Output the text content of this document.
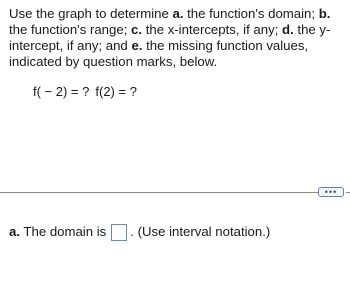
Use the graph to determine a. the function's domain; b. the function's range; c. the x-intercepts, if any; d. the y-intercept, if any; and e. the missing function values, indicated by question marks, below.

f( − 2) = ? f(2) = ?
•••
a. The domain is . (Use interval notation.)
